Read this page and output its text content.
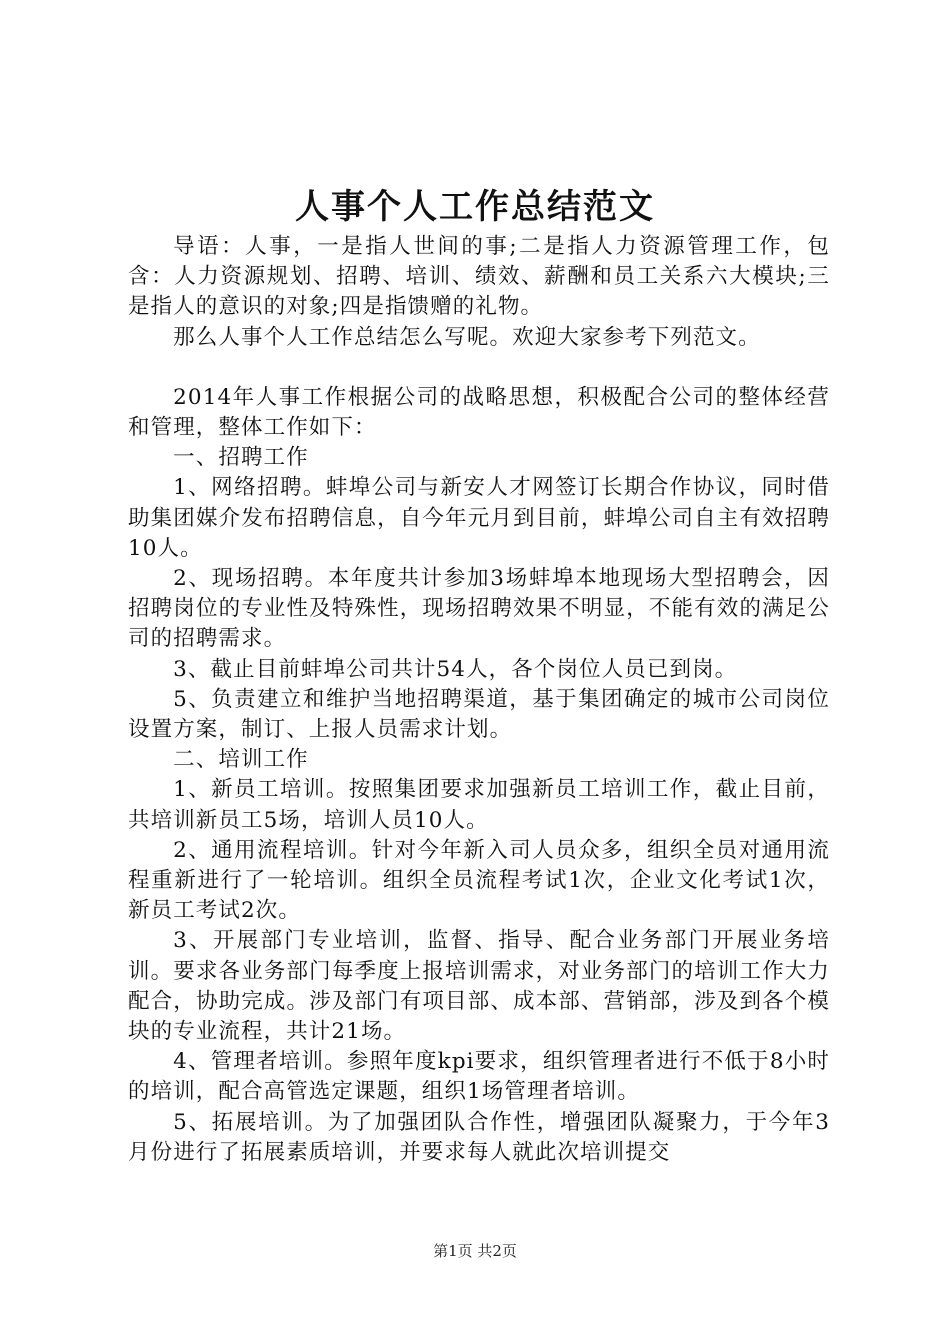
人事个人工作总结范文

导语：人事，一是指人世间的事;二是指人力资源管理工作，包含：人力资源规划、招聘、培训、绩效、薪酬和员工关系六大模块;三是指人的意识的对象;四是指馈赠的礼物。

那么人事个人工作总结怎么写呢。欢迎大家参考下列范文。

2014年人事工作根据公司的战略思想，积极配合公司的整体经营和管理，整体工作如下：

一、招聘工作

1、网络招聘。蚌埠公司与新安人才网签订长期合作协议，同时借助集团媒介发布招聘信息，自今年元月到目前，蚌埠公司自主有效招聘10人。

2、现场招聘。本年度共计参加3场蚌埠本地现场大型招聘会，因招聘岗位的专业性及特殊性，现场招聘效果不明显，不能有效的满足公司的招聘需求。

3、截止目前蚌埠公司共计54人，各个岗位人员已到岗。

5、负责建立和维护当地招聘渠道，基于集团确定的城市公司岗位设置方案，制订、上报人员需求计划。

二、培训工作

1、新员工培训。按照集团要求加强新员工培训工作，截止目前，共培训新员工5场，培训人员10人。

2、通用流程培训。针对今年新入司人员众多，组织全员对通用流程重新进行了一轮培训。组织全员流程考试1次，企业文化考试1次，新员工考试2次。

3、开展部门专业培训，监督、指导、配合业务部门开展业务培训。要求各业务部门每季度上报培训需求，对业务部门的培训工作大力配合，协助完成。涉及部门有项目部、成本部、营销部，涉及到各个模块的专业流程，共计21场。

4、管理者培训。参照年度kpi要求，组织管理者进行不低于8小时的培训，配合高管选定课题，组织1场管理者培训。

5、拓展培训。为了加强团队合作性，增强团队凝聚力，于今年3月份进行了拓展素质培训，并要求每人就此次培训提交

第1页 共2页
